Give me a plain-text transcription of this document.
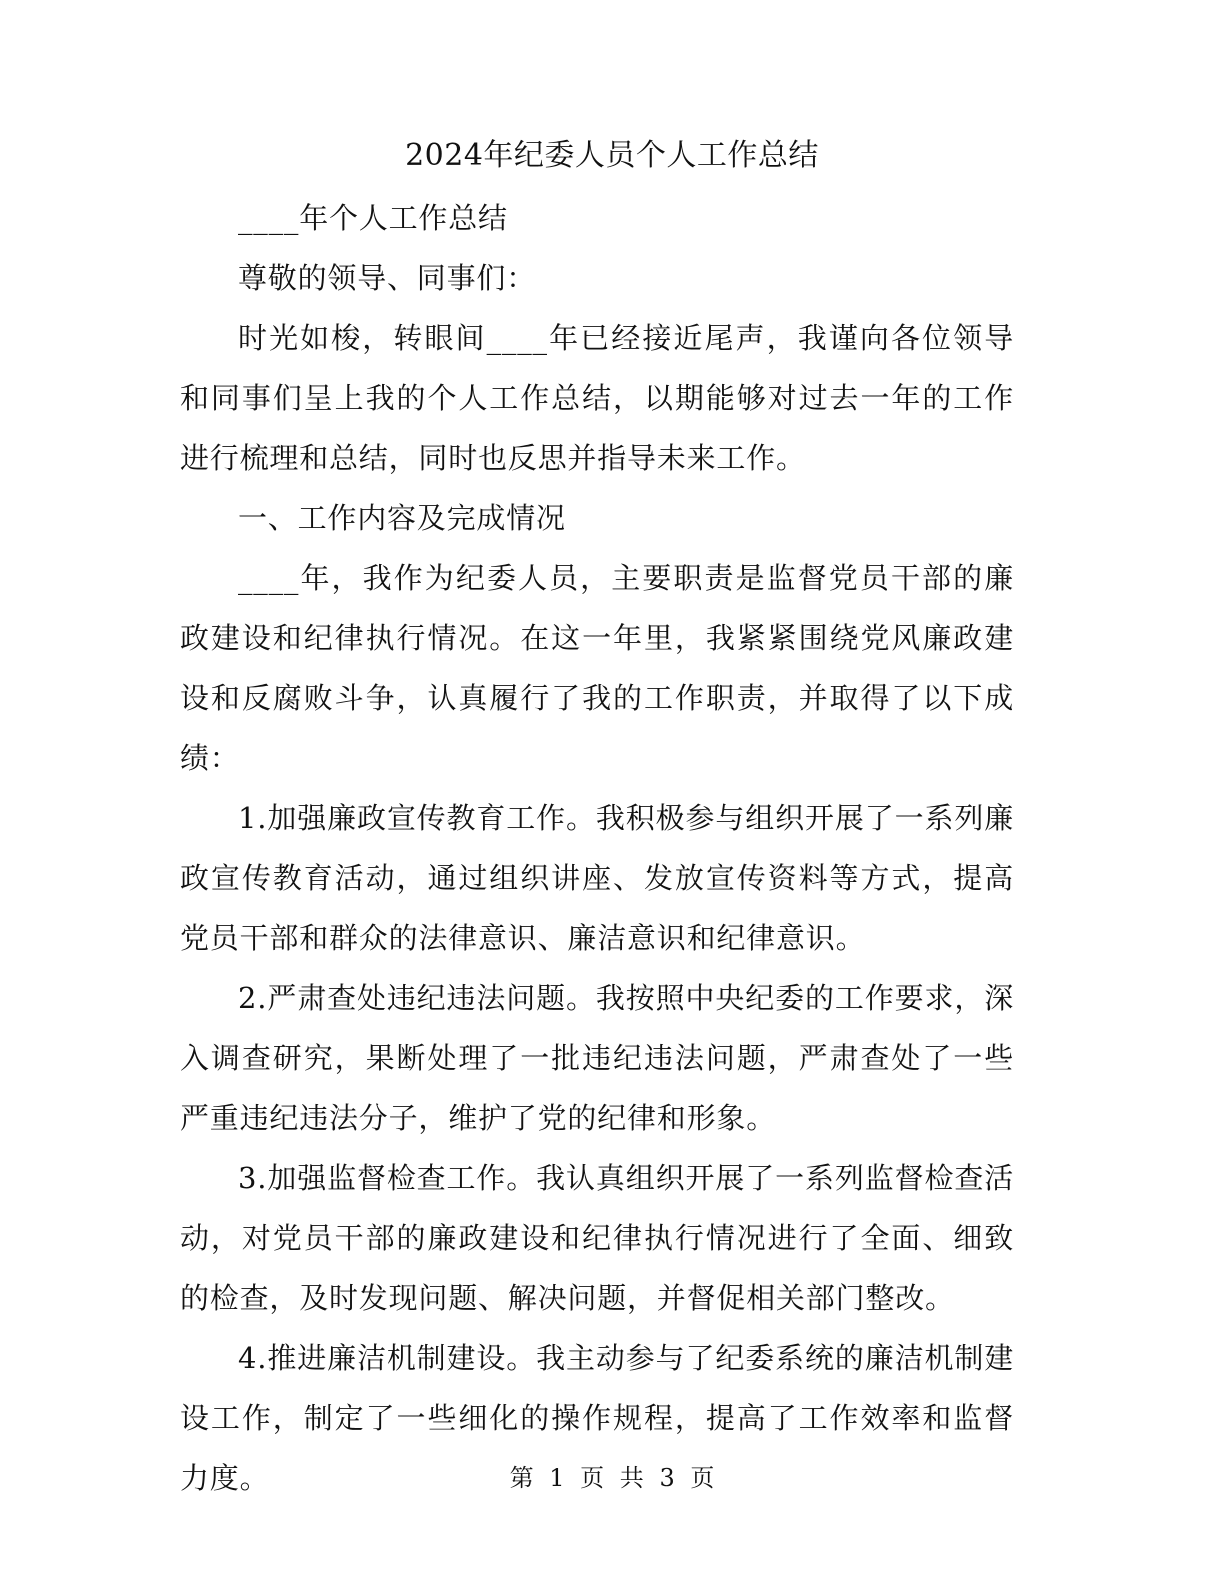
2024年纪委人员个人工作总结

____年个人工作总结

尊敬的领导、同事们：

时光如梭，转眼间____年已经接近尾声，我谨向各位领导和同事们呈上我的个人工作总结，以期能够对过去一年的工作进行梳理和总结，同时也反思并指导未来工作。

一、工作内容及完成情况

____年，我作为纪委人员，主要职责是监督党员干部的廉政建设和纪律执行情况。在这一年里，我紧紧围绕党风廉政建设和反腐败斗争，认真履行了我的工作职责，并取得了以下成绩：

1.加强廉政宣传教育工作。我积极参与组织开展了一系列廉政宣传教育活动，通过组织讲座、发放宣传资料等方式，提高党员干部和群众的法律意识、廉洁意识和纪律意识。

2.严肃查处违纪违法问题。我按照中央纪委的工作要求，深入调查研究，果断处理了一批违纪违法问题，严肃查处了一些严重违纪违法分子，维护了党的纪律和形象。

3.加强监督检查工作。我认真组织开展了一系列监督检查活动，对党员干部的廉政建设和纪律执行情况进行了全面、细致的检查，及时发现问题、解决问题，并督促相关部门整改。

4.推进廉洁机制建设。我主动参与了纪委系统的廉洁机制建设工作，制定了一些细化的操作规程，提高了工作效率和监督力度。	第 1 页 共 3 页
